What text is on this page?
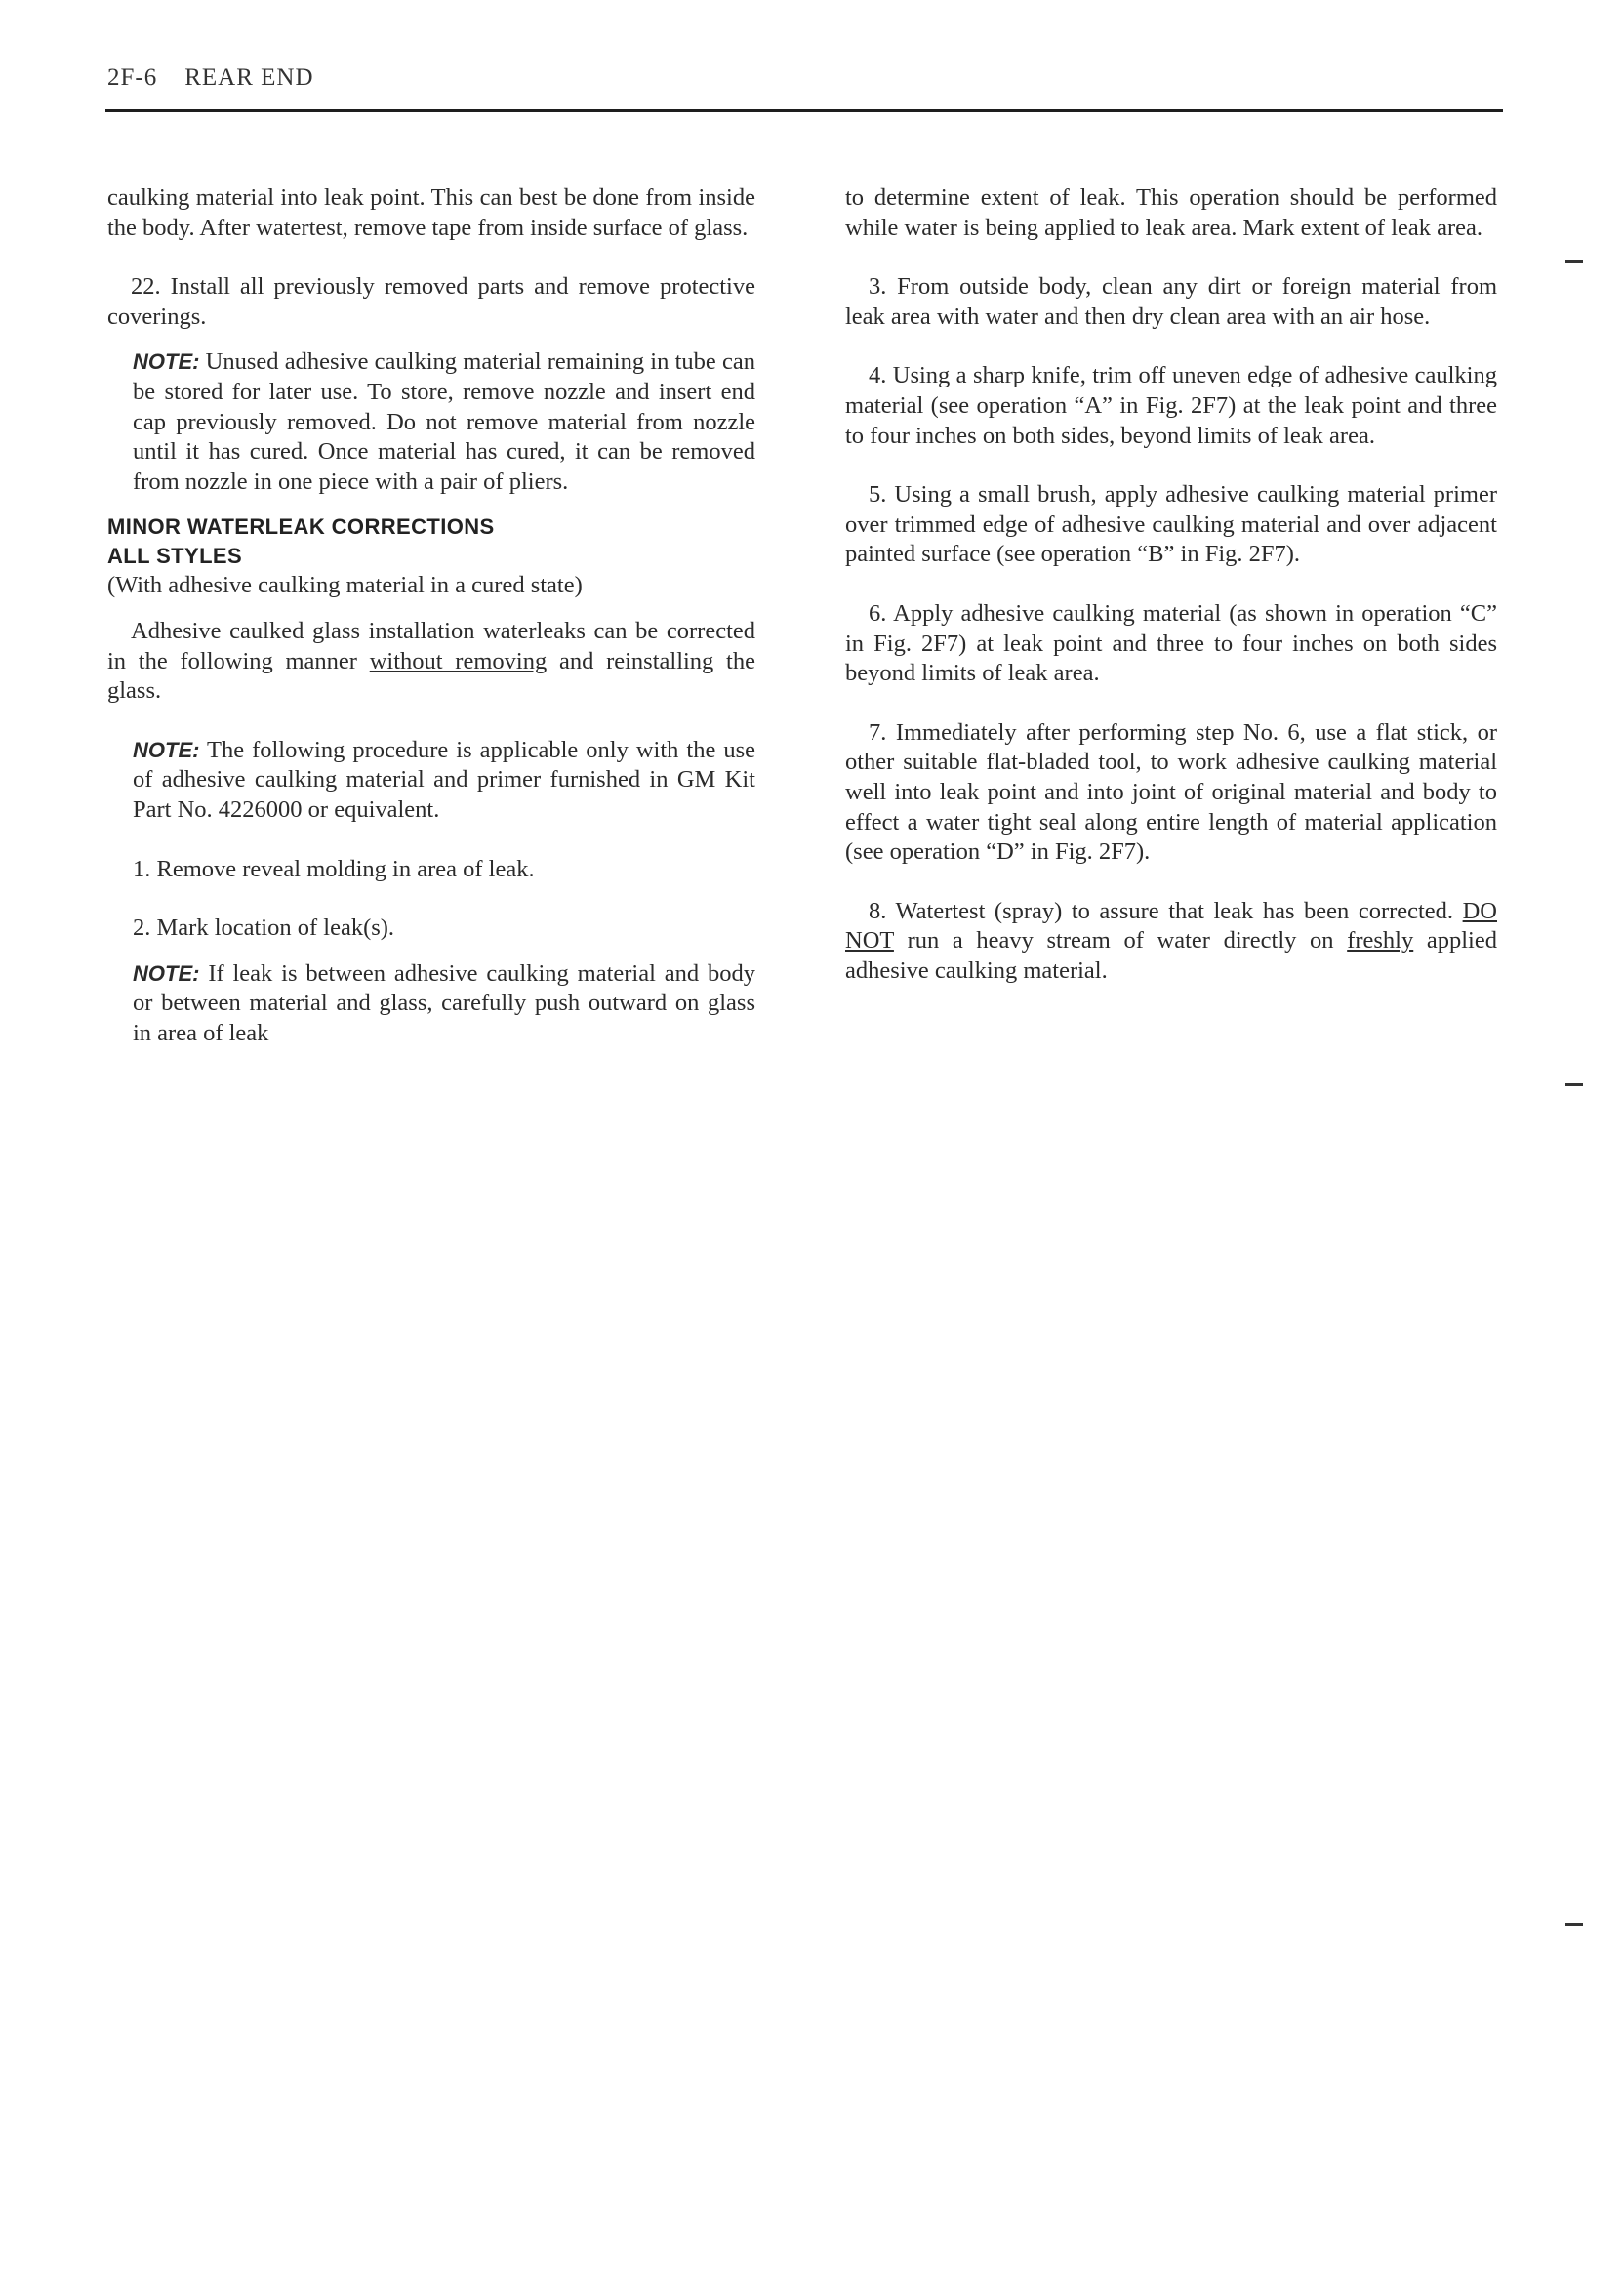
2F-6 REAR END

caulking material into leak point. This can best be done from inside the body. After watertest, remove tape from inside surface of glass.

22. Install all previously removed parts and remove protective coverings.

NOTE: Unused adhesive caulking material remaining in tube can be stored for later use. To store, remove nozzle and insert end cap previously removed. Do not remove material from nozzle until it has cured. Once material has cured, it can be removed from nozzle in one piece with a pair of pliers.

MINOR WATERLEAK CORRECTIONS
ALL STYLES

(With adhesive caulking material in a cured state)

Adhesive caulked glass installation waterleaks can be corrected in the following manner without removing and reinstalling the glass.

NOTE: The following procedure is applicable only with the use of adhesive caulking material and primer furnished in GM Kit Part No. 4226000 or equivalent.

1. Remove reveal molding in area of leak.

2. Mark location of leak(s).

NOTE: If leak is between adhesive caulking material and body or between material and glass, carefully push outward on glass in area of leak

to determine extent of leak. This operation should be performed while water is being applied to leak area. Mark extent of leak area.

3. From outside body, clean any dirt or foreign material from leak area with water and then dry clean area with an air hose.

4. Using a sharp knife, trim off uneven edge of adhesive caulking material (see operation “A” in Fig. 2F7) at the leak point and three to four inches on both sides, beyond limits of leak area.

5. Using a small brush, apply adhesive caulking material primer over trimmed edge of adhesive caulking material and over adjacent painted surface (see operation “B” in Fig. 2F7).

6. Apply adhesive caulking material (as shown in operation “C” in Fig. 2F7) at leak point and three to four inches on both sides beyond limits of leak area.

7. Immediately after performing step No. 6, use a flat stick, or other suitable flat-bladed tool, to work adhesive caulking material well into leak point and into joint of original material and body to effect a water tight seal along entire length of material application (see operation “D” in Fig. 2F7).

8. Watertest (spray) to assure that leak has been corrected. DO NOT run a heavy stream of water directly on freshly applied adhesive caulking material.
